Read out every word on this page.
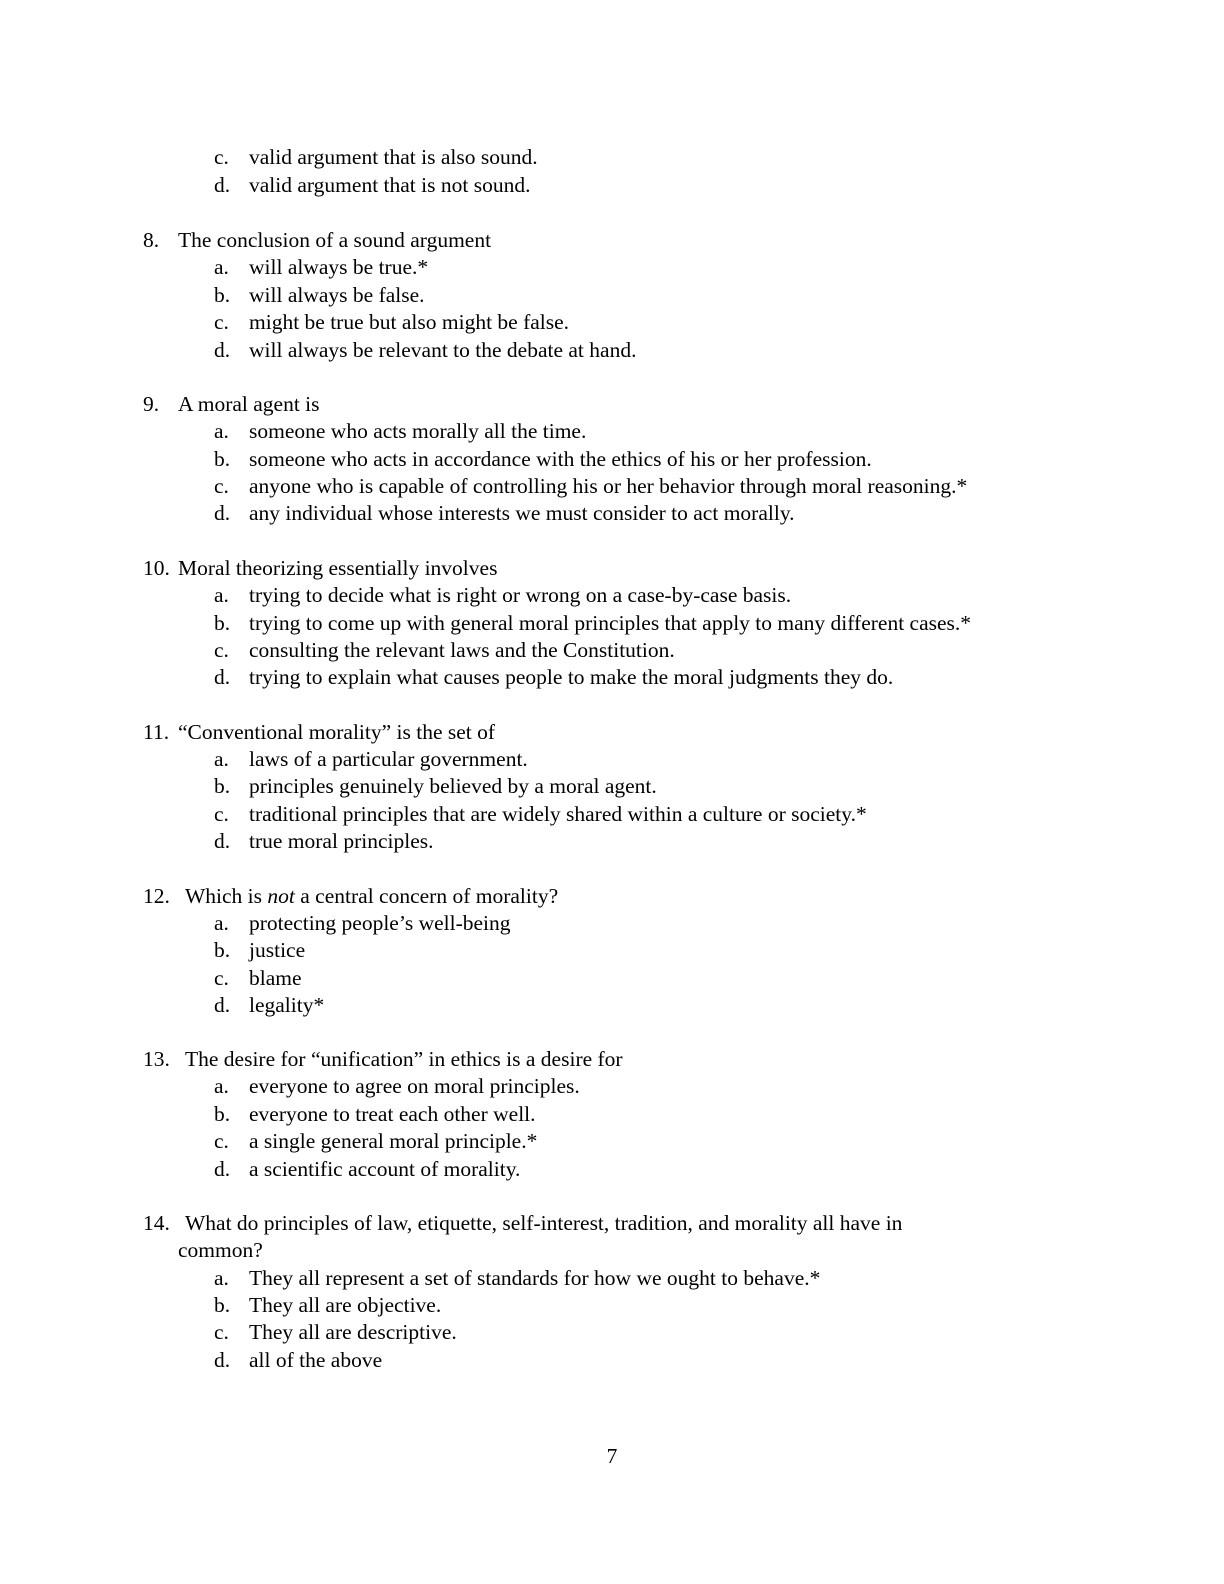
c. valid argument that is also sound.
d. valid argument that is not sound.
8. The conclusion of a sound argument
a. will always be true.*
b. will always be false.
c. might be true but also might be false.
d. will always be relevant to the debate at hand.
9. A moral agent is
a. someone who acts morally all the time.
b. someone who acts in accordance with the ethics of his or her profession.
c. anyone who is capable of controlling his or her behavior through moral reasoning.*
d. any individual whose interests we must consider to act morally.
10. Moral theorizing essentially involves
a. trying to decide what is right or wrong on a case-by-case basis.
b. trying to come up with general moral principles that apply to many different cases.*
c. consulting the relevant laws and the Constitution.
d. trying to explain what causes people to make the moral judgments they do.
11. “Conventional morality” is the set of
a. laws of a particular government.
b. principles genuinely believed by a moral agent.
c. traditional principles that are widely shared within a culture or society.*
d. true moral principles.
12. Which is not a central concern of morality?
a. protecting people’s well-being
b. justice
c. blame
d. legality*
13. The desire for “unification” in ethics is a desire for
a. everyone to agree on moral principles.
b. everyone to treat each other well.
c. a single general moral principle.*
d. a scientific account of morality.
14. What do principles of law, etiquette, self-interest, tradition, and morality all have in
common?
a. They all represent a set of standards for how we ought to behave.*
b. They all are objective.
c. They all are descriptive.
d. all of the above
7
